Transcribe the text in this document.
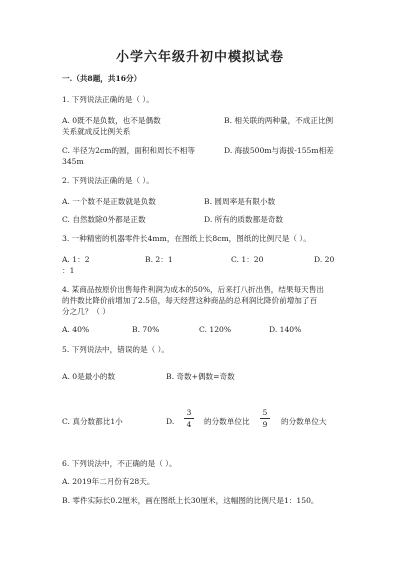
小学六年级升初中模拟试卷
一.（共8题，共16分）
1. 下列说法正确的是（ ）。
A. 0既不是负数，也不是偶数	B. 相关联的两种量，不成正比例
关系就成反比例关系
C. 半径为2cm的圆，面积和周长不相等	D. 海拔500m与海拔-155m相差
345m
2. 下列说法正确的是（ ）。
A. 一个数不是正数就是负数	B. 圆周率是有限小数
C. 自然数除0外都是正数	D. 所有的质数都是奇数
3. 一种精密的机器零件长4mm，在图纸上长8cm，图纸的比例尺是（ ）。
A. 1：2	B. 2：1	C. 1：20	D. 20
：1
4. 某商品按原价出售每件利润为成本的50%，后来打八折出售，结果每天售出
的件数比降价前增加了2.5倍，每天经营这种商品的总利润比降价前增加了百
分之几？（ ）
A. 40%	B. 70%	C. 120%	D. 140%
5. 下列说法中，错误的是（ ）。
A. 0是最小的数	B. 奇数+偶数=奇数
C. 真分数都比1小	D.
3
4	的分数单位比
5
9	的分数单位大
6. 下列说法中，不正确的是（ ）。
A. 2019年二月份有28天。
B. 零件实际长0.2厘米，画在图纸上长30厘米，这幅图的比例尺是1：150。
